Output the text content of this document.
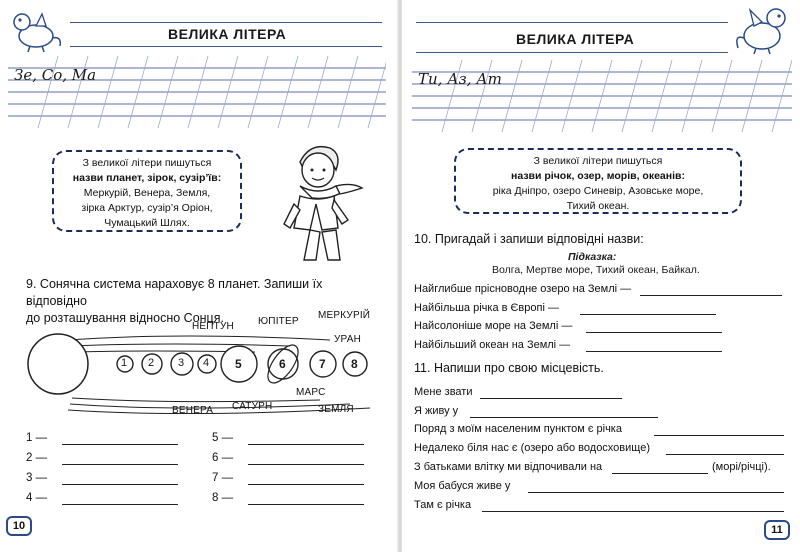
ВЕЛИКА ЛІТЕРА
Зе, Со, Ма
З великої літери пишуться
назви планет, зірок, сузір’їв:
Меркурій, Венера, Земля,
зірка Арктур, сузір’я Оріон,
Чумацький Шлях.
9. Сонячна система нараховує 8 планет. Запиши їх відповідно
до розташування відносно Сонця.
1 2 3 4 5	6	7 8
НЕПТУН ЮПІТЕР
МЕРКУРІЙ
УРАН
ВЕНЕРА САТУРН
МАРС
ЗЕМЛЯ
1 —
2 —
3 —
4 —
5 —
6 —
7 —
8 —
10
ВЕЛИКА ЛІТЕРА
Ти, Аз, Ат
З великої літери пишуться
назви річок, озер, морів, океанів:
ріка Дніпро, озеро Синевір, Азовське море,
Тихий океан.
10. Пригадай і запиши відповідні назви:
Підказка:
Волга, Мертве море, Тихий океан, Байкал.
Найглибше прісноводне озеро на Землі —
Найбільша річка в Європі —
Найсолоніше море на Землі —
Найбільший океан на Землі —
11. Напиши про свою місцевість.
Мене звати
Я живу у
Поряд з моїм населеним пунктом є річка
Недалеко біля нас є (озеро або водосховище)
З батьками влітку ми відпочивали на	(морі/річці).
Моя бабуся живе у
Там є річка
11
